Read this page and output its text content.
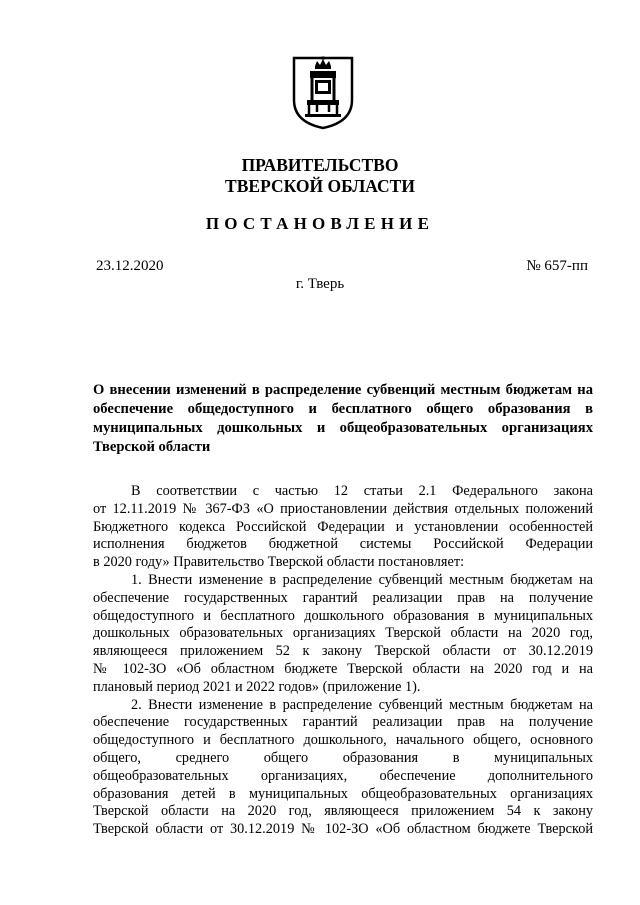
ПРАВИТЕЛЬСТВО
ТВЕРСКОЙ ОБЛАСТИ
ПОСТАНОВЛЕНИЕ
23.12.2020	№ 657-пп
г. Тверь
О внесении изменений в распределение субвенций местным бюджетам на
обеспечение общедоступного и бесплатного общего образования в
муниципальных дошкольных и общеобразовательных организациях
Тверской области
В соответствии с частью 12 статьи 2.1 Федерального закона
от 12.11.2019 № 367-ФЗ «О приостановлении действия отдельных положений
Бюджетного кодекса Российской Федерации и установлении особенностей
исполнения бюджетов бюджетной системы Российской Федерации
в 2020 году» Правительство Тверской области постановляет:
1. Внести изменение в распределение субвенций местным бюджетам на
обеспечение государственных гарантий реализации прав на получение
общедоступного и бесплатного дошкольного образования в муниципальных
дошкольных образовательных организациях Тверской области на 2020 год,
являющееся приложением 52 к закону Тверской области от 30.12.2019
№ 102-ЗО «Об областном бюджете Тверской области на 2020 год и на
плановый период 2021 и 2022 годов» (приложение 1).
2. Внести изменение в распределение субвенций местным бюджетам на
обеспечение государственных гарантий реализации прав на получение
общедоступного и бесплатного дошкольного, начального общего, основного
общего, среднего общего образования в муниципальных
общеобразовательных организациях, обеспечение дополнительного
образования детей в муниципальных общеобразовательных организациях
Тверской области на 2020 год, являющееся приложением 54 к закону
Тверской области от 30.12.2019 № 102-ЗО «Об областном бюджете Тверской
